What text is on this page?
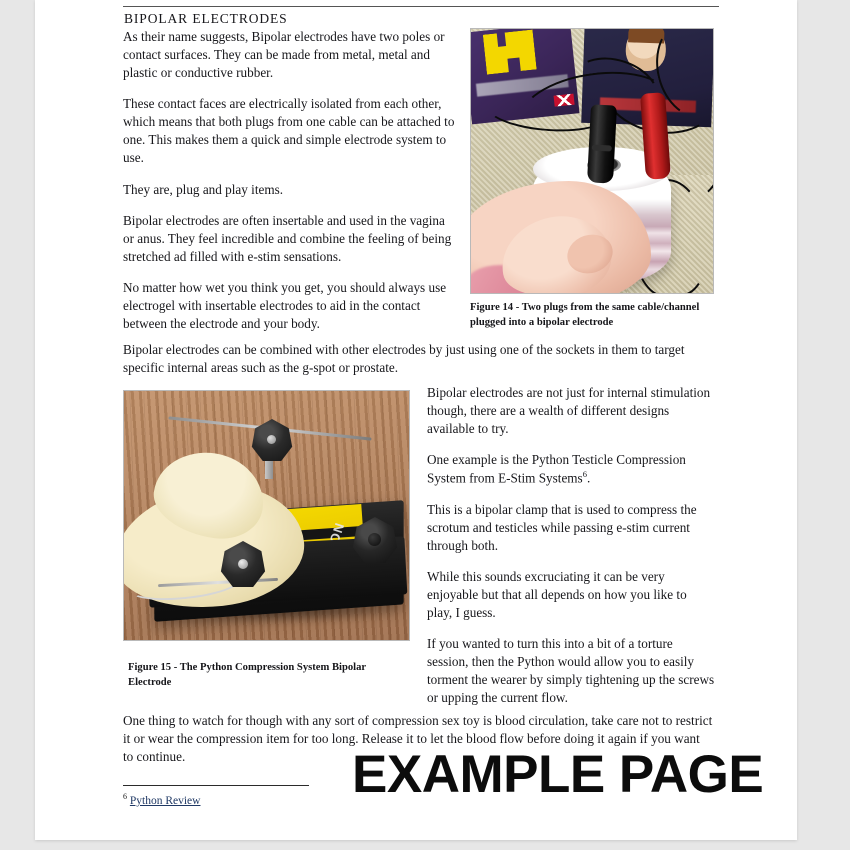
BIPOLAR ELECTRODES

As their name suggests, Bipolar electrodes have two poles or contact surfaces. They can be made from metal, metal and plastic or conductive rubber.

These contact faces are electrically isolated from each other, which means that both plugs from one cable can be attached to one. This makes them a quick and simple electrode system to use.

They are, plug and play items.

Bipolar electrodes are often insertable and used in the vagina or anus. They feel incredible and combine the feeling of being stretched ad filled with e-stim sensations.

No matter how wet you think you get, you should always use electrogel with insertable electrodes to aid in the contact between the electrode and your body.

Figure 14 - Two plugs from the same cable/channel plugged into a bipolar electrode

Bipolar electrodes can be combined with other electrodes by just using one of the sockets in them to target specific internal areas such as the g-spot or prostate.

Figure 15 - The Python Compression System Bipolar Electrode

Bipolar electrodes are not just for internal stimulation though, there are a wealth of different designs available to try.

One example is the Python Testicle Compression System from E-Stim Systems$^6$.

This is a bipolar clamp that is used to compress the scrotum and testicles while passing e-stim current through both.

While this sounds excruciating it can be very enjoyable but that all depends on how you like to play, I guess.

If you wanted to turn this into a bit of a torture session, then the Python would allow you to easily torment the wearer by simply tightening up the screws or upping the current flow.

One thing to watch for though with any sort of compression sex toy is blood circulation, take care not to restrict it or wear the compression item for too long. Release it to let the blood flow before doing it again if you want to continue.

$^6$ Python Review	EXAMPLE PAGE
